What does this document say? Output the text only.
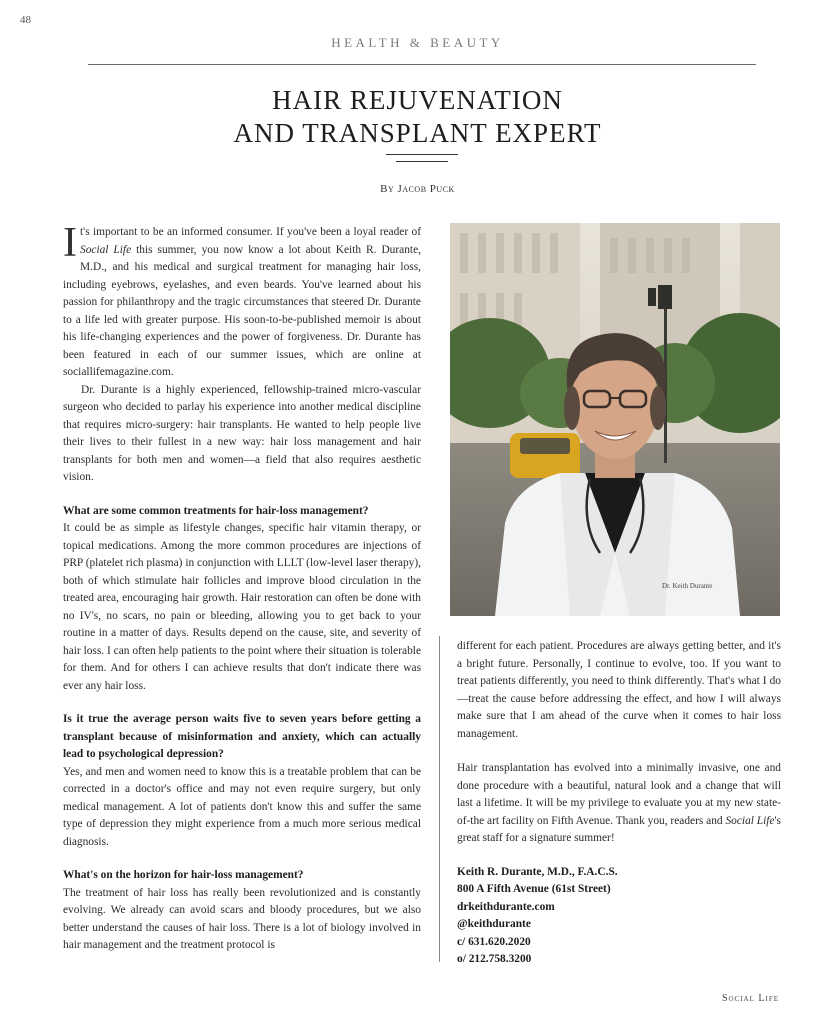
48
HEALTH & BEAUTY
HAIR REJUVENATION
AND TRANSPLANT EXPERT
By Jacob Puck

It's important to be an informed consumer. If you've been a loyal reader of Social Life this summer, you now know a lot about Keith R. Durante, M.D., and his medical and surgical treatment for managing hair loss, including eyebrows, eyelashes, and even beards. You've learned about his passion for philanthropy and the tragic circumstances that steered Dr. Durante to a life led with greater purpose. His soon-to-be-published memoir is about his life-changing experiences and the power of forgiveness. Dr. Durante has been featured in each of our summer issues, which are online at sociallifemagazine.com.

Dr. Durante is a highly experienced, fellowship-trained micro-vascular surgeon who decided to parlay his experience into another medical discipline that requires micro-surgery: hair transplants. He wanted to help people live their lives to their fullest in a new way: hair loss management and hair transplants for both men and women—a field that also requires aesthetic vision.

What are some common treatments for hair-loss management?

It could be as simple as lifestyle changes, specific hair vitamin therapy, or topical medications. Among the more common procedures are injections of PRP (platelet rich plasma) in conjunction with LLLT (low-level laser therapy), both of which stimulate hair follicles and improve blood circulation in the treated area, encouraging hair growth. Hair restoration can often be done with no IV's, no scars, no pain or bleeding, allowing you to get back to your routine in a matter of days. Results depend on the cause, site, and severity of hair loss. I can often help patients to the point where their situation is tolerable for them. And for others I can achieve results that don't indicate there was ever any hair loss.

Is it true the average person waits five to seven years before getting a transplant because of misinformation and anxiety, which can actually lead to psychological depression?

Yes, and men and women need to know this is a treatable problem that can be corrected in a doctor's office and may not even require surgery, but only medical management. A lot of patients don't know this and suffer the same type of depression they might experience from a much more serious medical diagnosis.

What's on the horizon for hair-loss management?

The treatment of hair loss has really been revolutionized and is constantly evolving. We already can avoid scars and bloody procedures, but we also better understand the causes of hair loss. There is a lot of biology involved in hair management and the treatment protocol is

Dr. Keith Durante

different for each patient. Procedures are always getting better, and it's a bright future. Personally, I continue to evolve, too. If you want to treat patients differently, you need to think differently. That's what I do—treat the cause before addressing the effect, and how I will always make sure that I am ahead of the curve when it comes to hair loss management.

Hair transplantation has evolved into a minimally invasive, one and done procedure with a beautiful, natural look and a change that will last a lifetime. It will be my privilege to evaluate you at my new state-of-the art facility on Fifth Avenue. Thank you, readers and Social Life's great staff for a signature summer!

Keith R. Durante, M.D., F.A.C.S.
800 A Fifth Avenue (61st Street)
drkeithdurante.com
@keithdurante
c/ 631.620.2020
o/ 212.758.3200
Social Life
